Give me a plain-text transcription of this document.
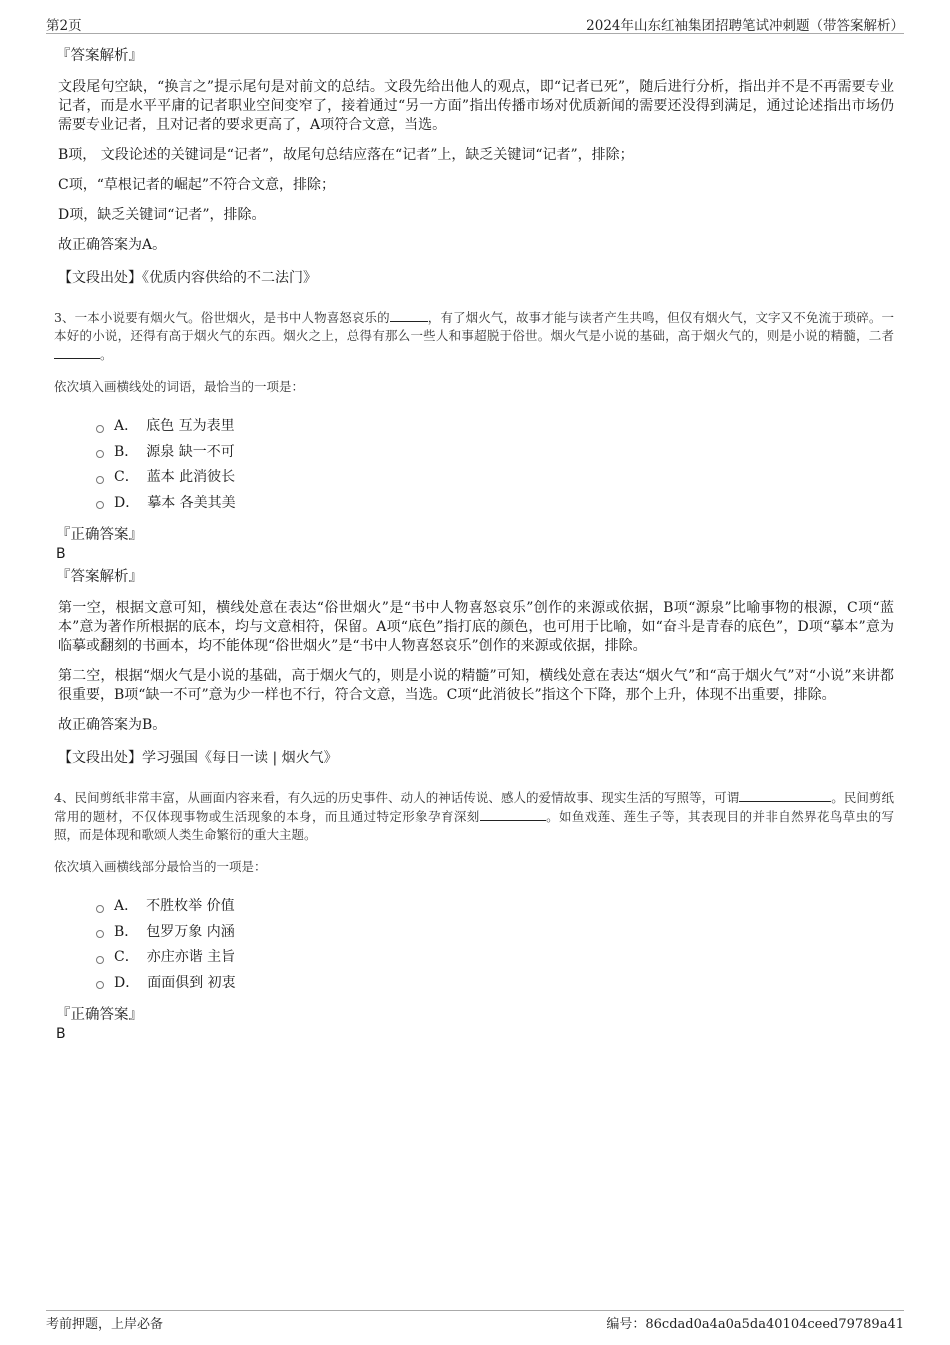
第2页	2024年山东红袖集团招聘笔试冲刺题（带答案解析）
『答案解析』

文段尾句空缺，“换言之”提示尾句是对前文的总结。文段先给出他人的观点，即“记者已死”，随后进行分析，指出并不是不再需要专业记者，而是水平平庸的记者职业空间变窄了，接着通过“另一方面”指出传播市场对优质新闻的需要还没得到满足，通过论述指出市场仍需要专业记者，且对记者的要求更高了，A项符合文意，当选。

B项， 文段论述的关键词是“记者”，故尾句总结应落在“记者”上，缺乏关键词“记者”，排除；

C项，“草根记者的崛起”不符合文意，排除；

D项，缺乏关键词“记者”，排除。

故正确答案为A。

【文段出处】《优质内容供给的不二法门》

3、一本小说要有烟火气。俗世烟火，是书中人物喜怒哀乐的	，有了烟火气，故事才能与读者产生共鸣，但仅有烟火气，文字又不免流于琐碎。一本好的小说，还得有高于烟火气的东西。烟火之上，总得有那么一些人和事超脱于俗世。烟火气是小说的基础，高于烟火气的，则是小说的精髓，二者。

依次填入画横线处的词语，最恰当的一项是：

A． 底色 互为表里
B． 源泉 缺一不可
C． 蓝本 此消彼长
D． 摹本 各美其美
『正确答案』
B
『答案解析』

第一空，根据文意可知，横线处意在表达“俗世烟火”是“书中人物喜怒哀乐”创作的来源或依据，B项“源泉”比喻事物的根源，C项“蓝本”意为著作所根据的底本，均与文意相符，保留。A项“底色”指打底的颜色，也可用于比喻，如“奋斗是青春的底色”，D项“摹本”意为临摹或翻刻的书画本，均不能体现“俗世烟火”是“书中人物喜怒哀乐”创作的来源或依据，排除。

第二空，根据“烟火气是小说的基础，高于烟火气的，则是小说的精髓”可知，横线处意在表达“烟火气”和“高于烟火气”对“小说”来讲都很重要，B项“缺一不可”意为少一样也不行，符合文意，当选。C项“此消彼长”指这个下降，那个上升，体现不出重要，排除。

故正确答案为B。

【文段出处】学习强国《每日一读 | 烟火气》

4、民间剪纸非常丰富，从画面内容来看，有久远的历史事件、动人的神话传说、感人的爱情故事、现实生活的写照等，可谓	。民间剪纸常用的题材，不仅体现事物或生活现象的本身，而且通过特定形象孕育深刻	。如鱼戏莲、莲生子等，其表现目的并非自然界花鸟草虫的写照，而是体现和歌颂人类生命繁衍的重大主题。

依次填入画横线部分最恰当的一项是：

A． 不胜枚举 价值
B． 包罗万象 内涵
C． 亦庄亦谐 主旨
D． 面面俱到 初衷
『正确答案』
B
考前押题，上岸必备	编号：86cdad0a4a0a5da40104ceed79789a41
